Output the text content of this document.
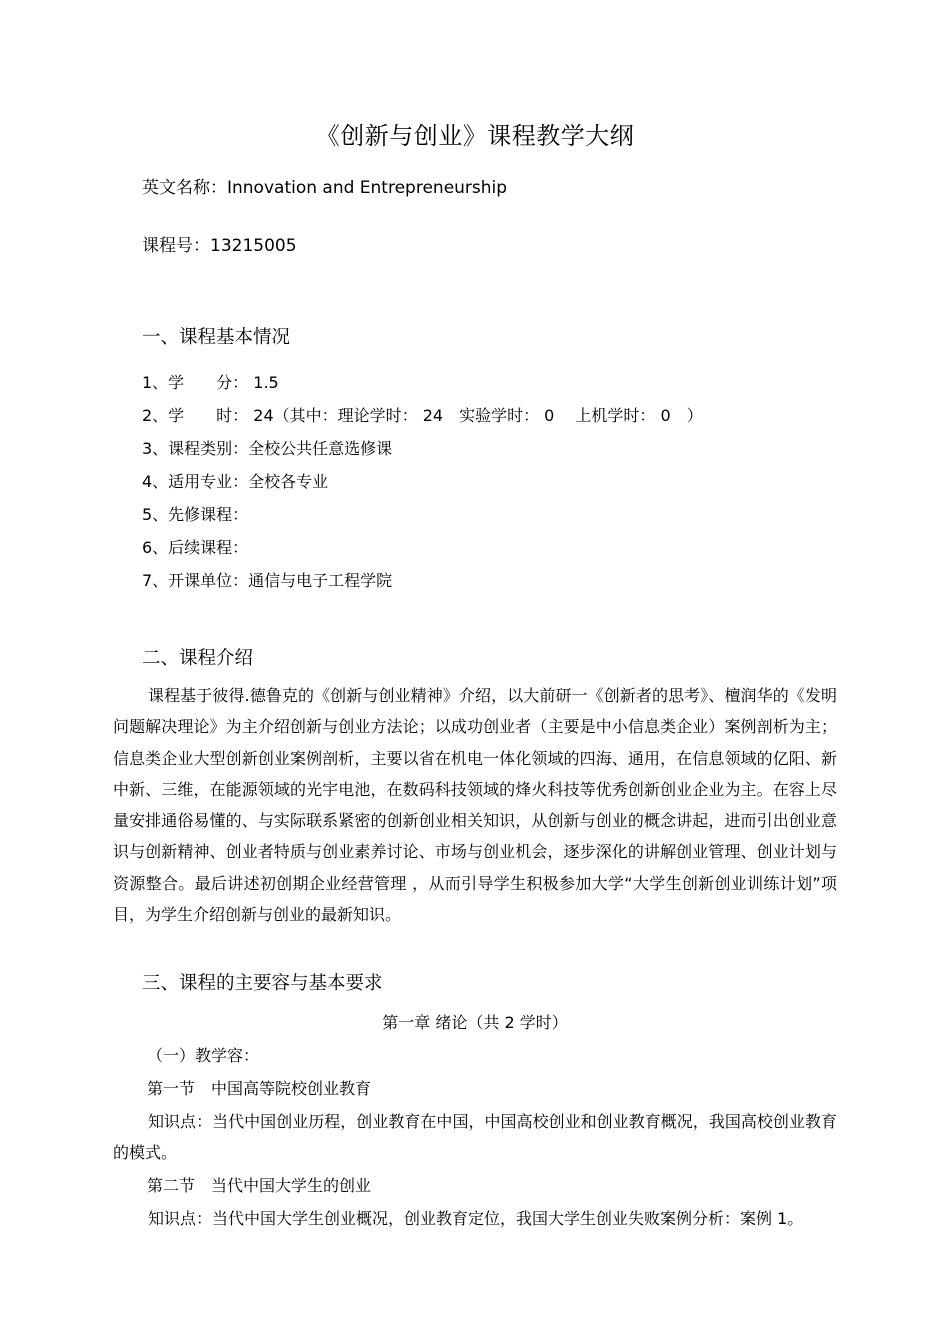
《创新与创业》课程教学大纲
英文名称：Innovation and Entrepreneurship
课程号：13215005
一、课程基本情况
1、学　　分： 1.5
2、学　　时： 24（其中：理论学时： 24　实验学时： 0　 上机学时： 0　）
3、课程类别：全校公共任意选修课
4、适用专业：全校各专业
5、先修课程：
6、后续课程：
7、开课单位：通信与电子工程学院
二、课程介绍
课程基于彼得.德鲁克的《创新与创业精神》介绍，以大前研一《创新者的思考》、檀润华的《发明问题解决理论》为主介绍创新与创业方法论；以成功创业者（主要是中小信息类企业）案例剖析为主；信息类企业大型创新创业案例剖析，主要以省在机电一体化领域的四海、通用，在信息领域的亿阳、新中新、三维，在能源领域的光宇电池，在数码科技领域的烽火科技等优秀创新创业企业为主。在容上尽量安排通俗易懂的、与实际联系紧密的创新创业相关知识，从创新与创业的概念讲起，进而引出创业意识与创新精神、创业者特质与创业素养讨论、市场与创业机会，逐步深化的讲解创业管理、创业计划与资源整合。最后讲述初创期企业经营管理 ，从而引导学生积极参加大学“大学生创新创业训练计划”项目，为学生介绍创新与创业的最新知识。
三、课程的主要容与基本要求
第一章 绪论（共 2 学时）
（一）教学容：
第一节　中国高等院校创业教育
知识点：当代中国创业历程，创业教育在中国，中国高校创业和创业教育概况，我国高校创业教育的模式。
第二节　当代中国大学生的创业
知识点：当代中国大学生创业概况，创业教育定位，我国大学生创业失败案例分析：案例 1。
